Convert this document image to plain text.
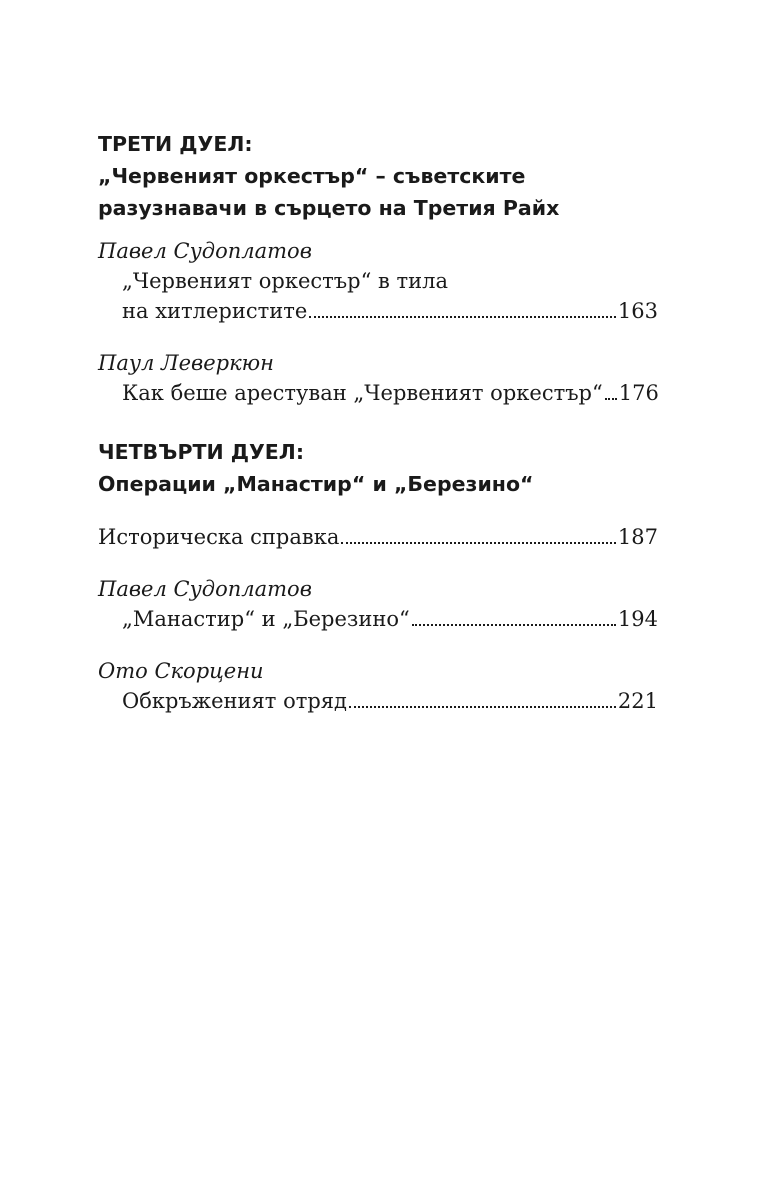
ТРЕТИ ДУЕЛ:
„Червеният оркестър“ – съветските
разузнавачи в сърцето на Третия Райх
Павел Судоплатов
„Червеният оркестър“ в тила
на хитлеристите	163
Паул Леверкюн
Как беше арестуван „Червеният оркестър“ 176
ЧЕТВЪРТИ ДУЕЛ:
Операции „Манастир“ и „Березино“
Историческа справка	187
Павел Судоплатов
„Манастир“ и „Березино“	194
Ото Скорцени
Обкръженият отряд	221
